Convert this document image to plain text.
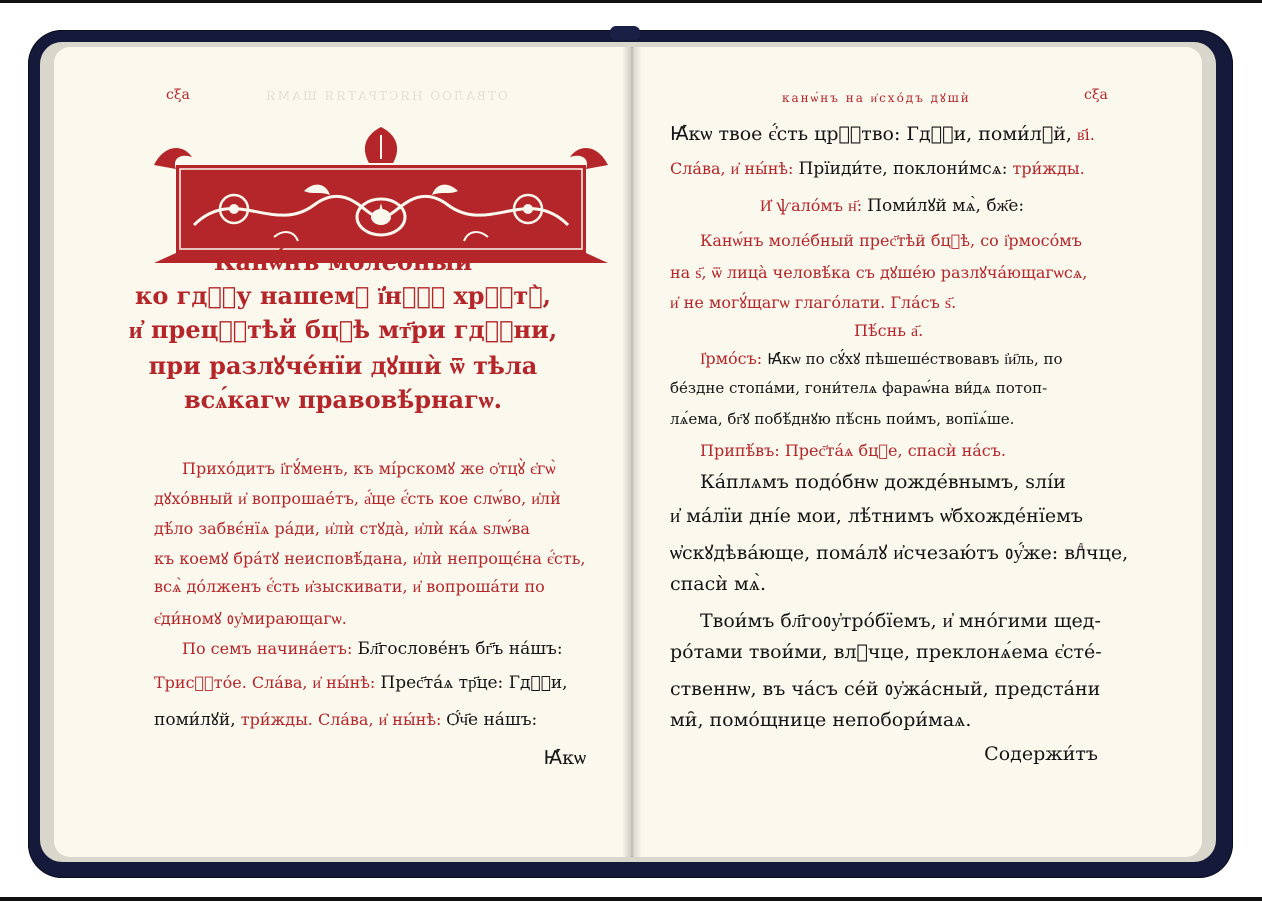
ОТВАЛОО НЯСТРАТЯЯ ШАМЯ
сξа
Канѡ́нъ молебный
ко гдⷭ҇у нашемꙋ ї҆нⷭ҇ꙋ хрⷭ҇тꙋ̀,
и҆ прецⷭ҇тѣй бцⷣѣ мт҃ри гдⷭ҇ни,
при разлꙋче́нїи дꙋшѝ ѿ тѣла
всѧ́кагѡ правовѣ́рнагѡ.
Прихо́дитъ і҆гꙋ́менъ, къ мі́рскомꙋ же ѻ҆тцꙋ̀ є҆гѡ̀
дꙋхо́вный и҆ вопрошае́тъ, а҆́ще є҆́сть кое слѡ́во, и҆лѝ
дѣ́ло забвє́нїѧ ра́ди, и҆лѝ стꙋда̀, и҆лѝ ка́ѧ ѕлѡ́ва
къ коемꙋ бра́тꙋ неисповѣ́дана, и҆лѝ непрощє́на є҆́сть,
всѧ̀ до́лженъ є҆́сть и҆зыскивати, и҆ вопроша́ти по
є҆ди́номꙋ ᲂу҆мирающагѡ.
По семъ начина́етъ: Бл҃гослове́нъ бг҃ъ на́шъ:
Трисⷭ҇то́е. Сла́ва, и҆ ны́нѣ: Прес҃та́ѧ тр҃це: Гдⷭ҇и,
поми́лꙋй, три́жды. Сла́ва, и҆ ны́нѣ: Ѻ҆́ч҃е на́шъ:
Ꙗ҆́кѡ
канѡ́нъ на и҆схо́дъ дꙋшѝ	сξа
Ꙗ҆́кѡ твое є҆́сть црⷭ҇тво: Гдⷭ҇и, поми́лꙋй, в҃і.
Сла́ва, и҆ ны́нѣ: Прїиди́те, поклони́мсѧ: три́жды.
И҆ ѱало́мъ н҃: Поми́лꙋй мѧ̀, бж҃е:
Канѡ́нъ моле́бный прес҃тѣй бцⷣѣ, со і҆рмосо́мъ
на ѕ҃, ѿ лица̀ человѣ́ка съ дꙋше́ю разлꙋча́ющагѡсѧ,
и҆ не могꙋ́щагѡ глаго́лати. Гла́съ ѕ҃.
Пѣ́снь а҃.
І҆рмо́съ: Ꙗ҆́кѡ по сꙋ́хꙋ пѣшеше́ствовавъ і҆и҃ль, по
бе́здне стопа́ми, гони́телѧ фараѡ́на ви́дѧ потоп-
лѧ́ема, бг҃ꙋ побѣ́днꙋю пѣ́снь пои́мъ, вопїѧ́ше.
Припѣ́въ: Прес҃та́ѧ бцⷣе, спасѝ на́съ.
Ка́плѧмъ подо́бнѡ дожде́внымъ, ѕлі́и
и҆ ма́лїи дні́е мои, лѣ́тнимъ ѡ҆бхожде́нїемъ
ѡ҆скꙋдѣва́юще, пома́лꙋ и҆счезаю́тъ ᲂу҆́же: влⷣчце,
спасѝ мѧ̀.
Твои́мъ бл҃гоᲂу҆тро́бїемъ, и҆ мно́гими щед-
ро́тами твои́ми, влⷣчце, преклонѧ́ема є҆сте́-
ственнѡ, въ ча́съ се́й ᲂу҆жа́сный, предста́ни
ми̑, помо́щнице непобори́маѧ.
Содержи́тъ
